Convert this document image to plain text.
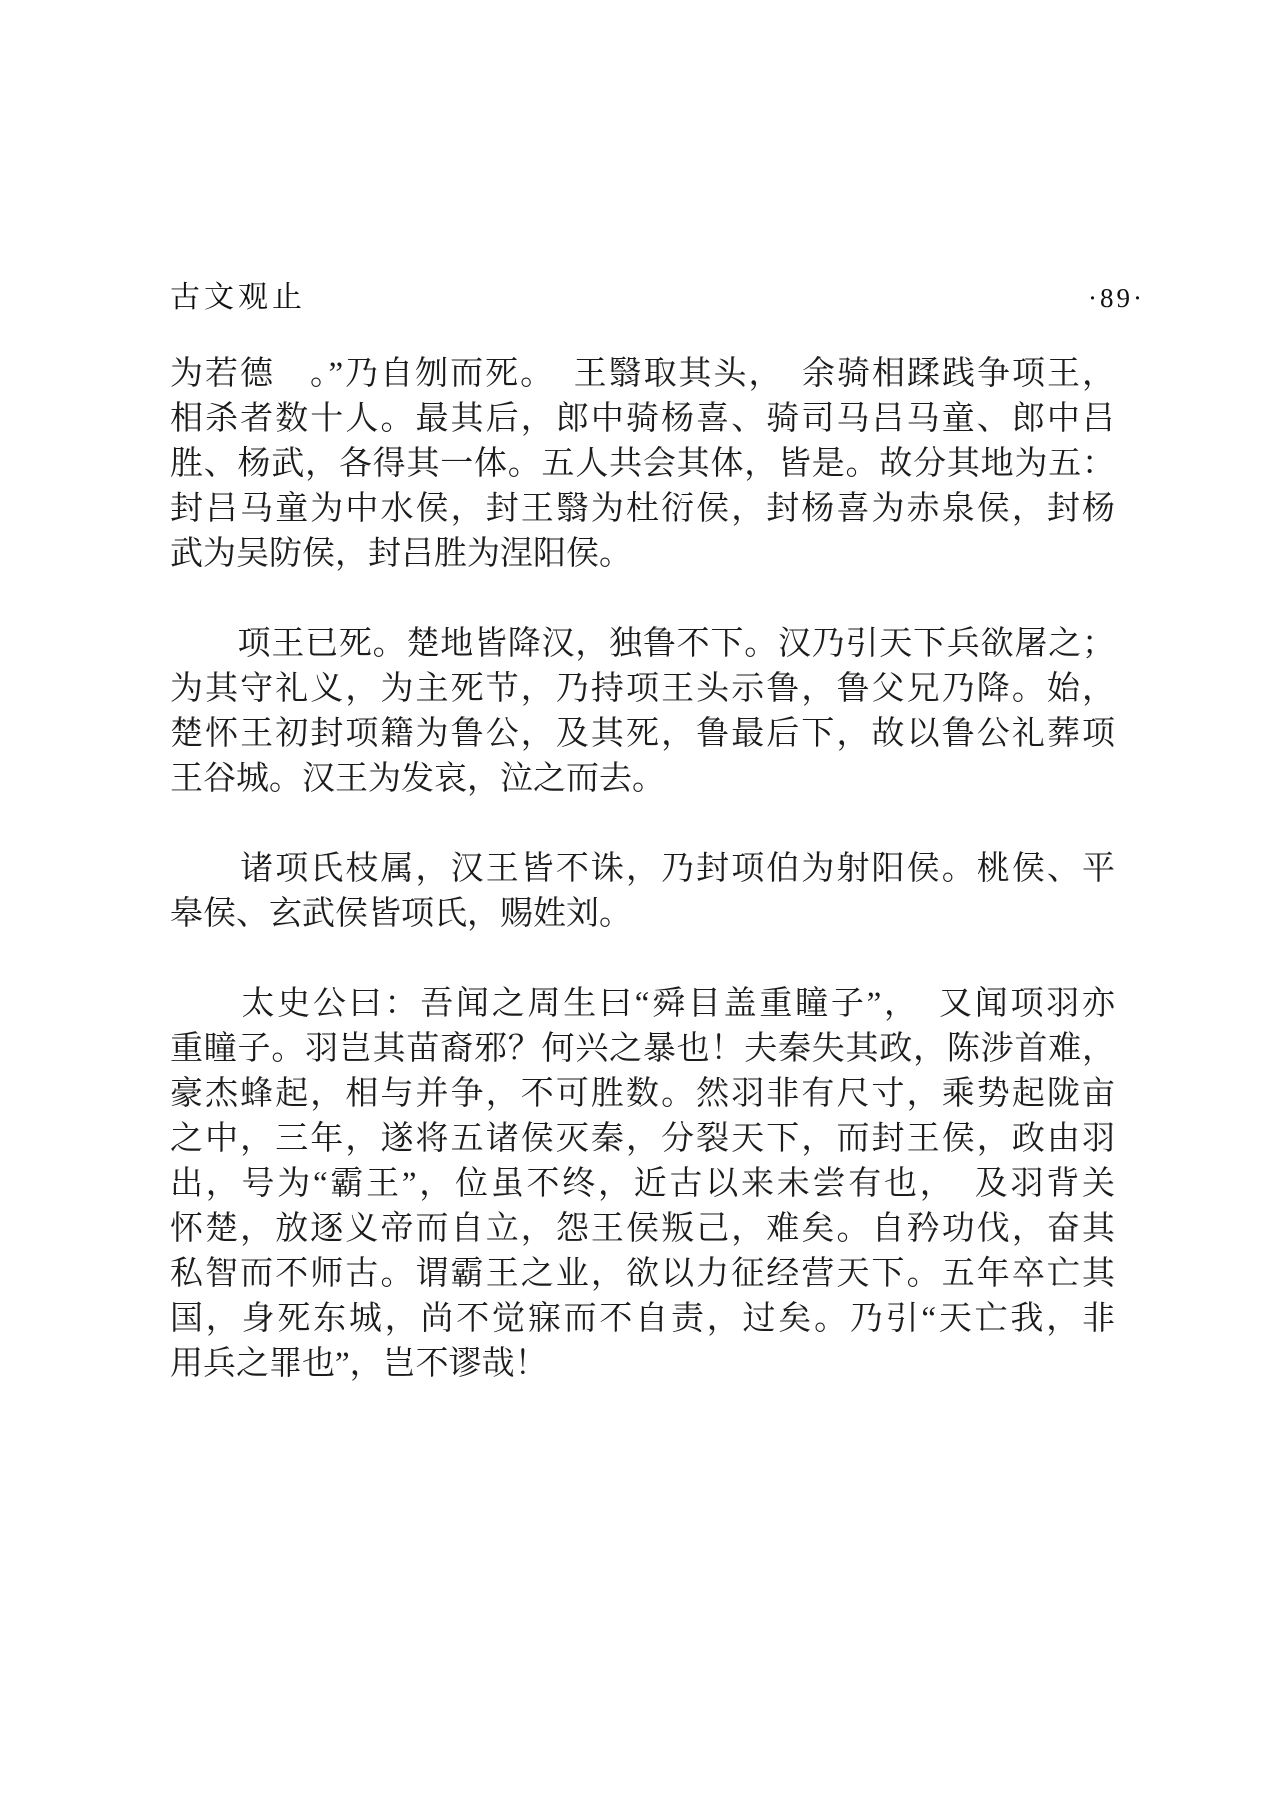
古文观止	·89·
为若德　。”乃自刎而死。　王翳取其头，　余骑相蹂践争项王，
相杀者数十人。最其后，郎中骑杨喜、骑司马吕马童、郎中吕
胜、杨武，各得其一体。五人共会其体，皆是。故分其地为五：
封吕马童为中水侯，封王翳为杜衍侯，封杨喜为赤泉侯，封杨
武为吴防侯，封吕胜为涅阳侯。
　　项王已死。楚地皆降汉，独鲁不下。汉乃引天下兵欲屠之；
为其守礼义，为主死节，乃持项王头示鲁，鲁父兄乃降。始，
楚怀王初封项籍为鲁公，及其死，鲁最后下，故以鲁公礼葬项
王谷城。汉王为发哀，泣之而去。
　　诸项氏枝属，汉王皆不诛，乃封项伯为射阳侯。桃侯、平
皋侯、玄武侯皆项氏，赐姓刘。
　　太史公曰：吾闻之周生曰“舜目盖重瞳子”，　又闻项羽亦
重瞳子。羽岂其苗裔邪？何兴之暴也！夫秦失其政，陈涉首难，
豪杰蜂起，相与并争，不可胜数。然羽非有尺寸，乘势起陇亩
之中，三年，遂将五诸侯灭秦，分裂天下，而封王侯，政由羽
出，号为“霸王”，位虽不终，近古以来未尝有也，　及羽背关
怀楚，放逐义帝而自立，怨王侯叛己，难矣。自矜功伐，奋其
私智而不师古。谓霸王之业，欲以力征经营天下。五年卒亡其
国，身死东城，尚不觉寐而不自责，过矣。乃引“天亡我，非
用兵之罪也”，岂不谬哉！
